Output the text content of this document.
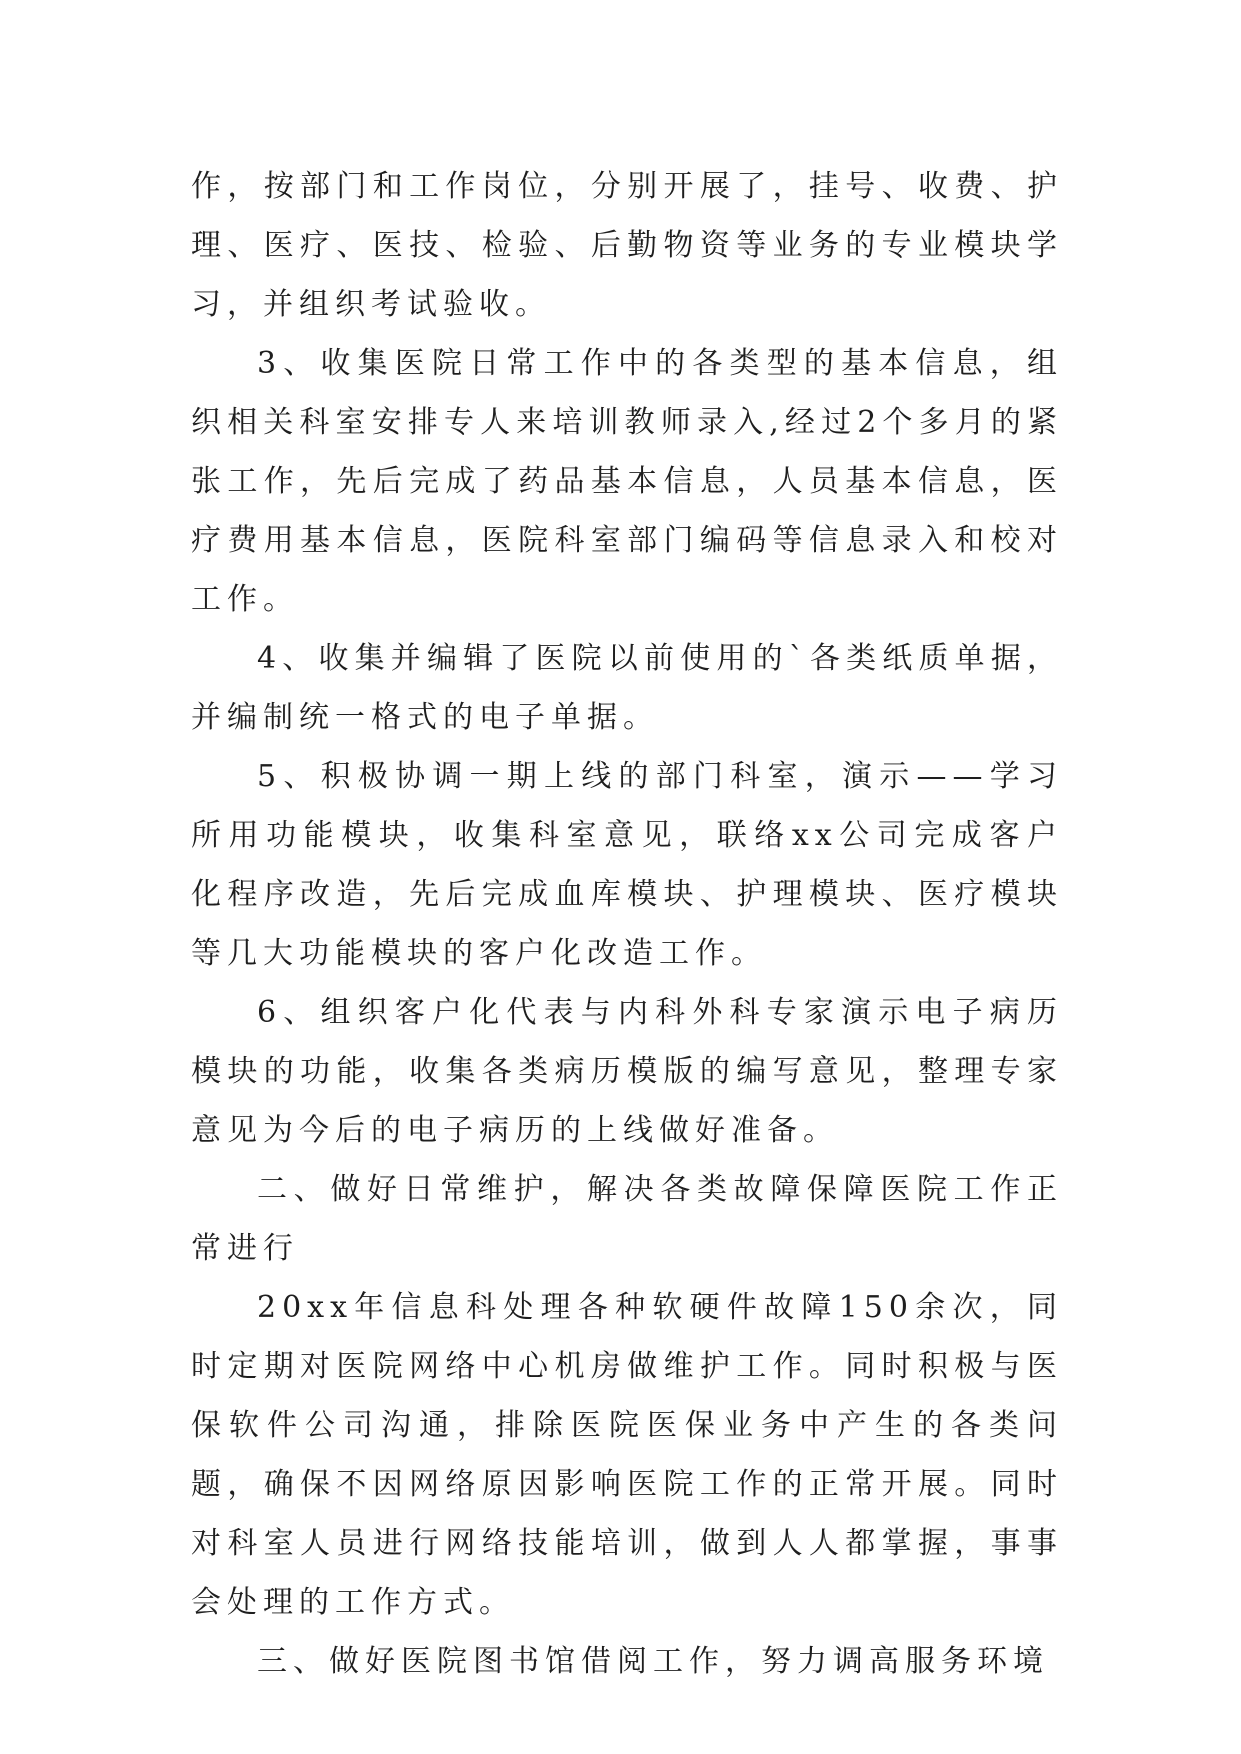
作，按部门和工作岗位，分别开展了，挂号、收费、护理、医疗、医技、检验、后勤物资等业务的专业模块学习，并组织考试验收。

3、收集医院日常工作中的各类型的基本信息，组织相关科室安排专人来培训教师录入,经过2个多月的紧张工作，先后完成了药品基本信息，人员基本信息，医疗费用基本信息，医院科室部门编码等信息录入和校对工作。

4、收集并编辑了医院以前使用的`各类纸质单据，并编制统一格式的电子单据。

5、积极协调一期上线的部门科室，演示——学习所用功能模块，收集科室意见，联络xx公司完成客户化程序改造，先后完成血库模块、护理模块、医疗模块等几大功能模块的客户化改造工作。

6、组织客户化代表与内科外科专家演示电子病历模块的功能，收集各类病历模版的编写意见，整理专家意见为今后的电子病历的上线做好准备。

二、做好日常维护，解决各类故障保障医院工作正常进行

20xx年信息科处理各种软硬件故障150余次，同时定期对医院网络中心机房做维护工作。同时积极与医保软件公司沟通，排除医院医保业务中产生的各类问题，确保不因网络原因影响医院工作的正常开展。同时对科室人员进行网络技能培训，做到人人都掌握，事事会处理的工作方式。

三、做好医院图书馆借阅工作，努力调高服务环境
